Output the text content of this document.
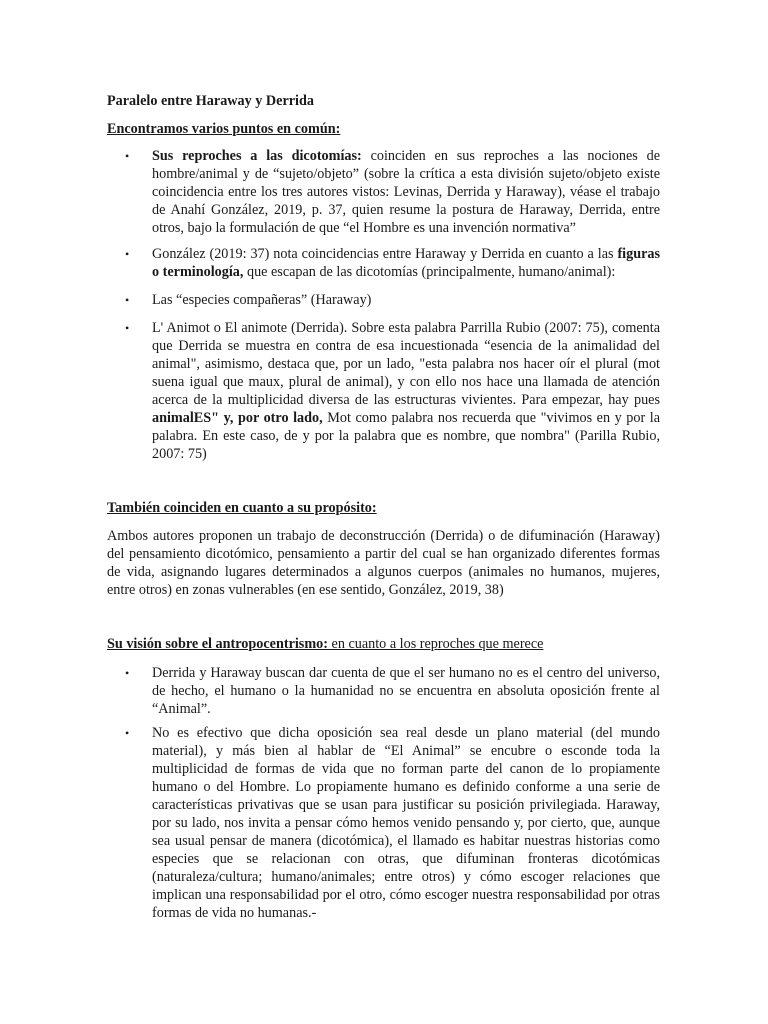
Paralelo entre Haraway y Derrida
Encontramos varios puntos en común:
•	Sus reproches a las dicotomías: coinciden en sus reproches a las nociones de hombre/animal y de “sujeto/objeto” (sobre la crítica a esta división sujeto/objeto existe coincidencia entre los tres autores vistos: Levinas, Derrida y Haraway), véase el trabajo de Anahí González, 2019, p. 37, quien resume la postura de Haraway, Derrida, entre otros, bajo la formulación de que “el Hombre es una invención normativa”
•	González (2019: 37) nota coincidencias entre Haraway y Derrida en cuanto a las figuras o terminología, que escapan de las dicotomías (principalmente, humano/animal):
•	Las “especies compañeras” (Haraway)
•	L' Animot o El animote (Derrida). Sobre esta palabra Parrilla Rubio (2007: 75), comenta que Derrida se muestra en contra de esa incuestionada “esencia de la animalidad del animal", asimismo, destaca que, por un lado, "esta palabra nos hacer oír el plural (mot suena igual que maux, plural de animal), y con ello nos hace una llamada de atención acerca de la multiplicidad diversa de las estructuras vivientes. Para empezar, hay pues animalES" y, por otro lado, Mot como palabra nos recuerda que "vivimos en y por la palabra. En este caso, de y por la palabra que es nombre, que nombra" (Parilla Rubio, 2007: 75)
También coinciden en cuanto a su propósito:
Ambos autores proponen un trabajo de deconstrucción (Derrida) o de difuminación (Haraway) del pensamiento dicotómico, pensamiento a partir del cual se han organizado diferentes formas de vida, asignando lugares determinados a algunos cuerpos (animales no humanos, mujeres, entre otros) en zonas vulnerables (en ese sentido, González, 2019, 38)
Su visión sobre el antropocentrismo: en cuanto a los reproches que merece
•	Derrida y Haraway buscan dar cuenta de que el ser humano no es el centro del universo, de hecho, el humano o la humanidad no se encuentra en absoluta oposición frente al “Animal”.
•	No es efectivo que dicha oposición sea real desde un plano material (del mundo material), y más bien al hablar de “El Animal” se encubre o esconde toda la multiplicidad de formas de vida que no forman parte del canon de lo propiamente humano o del Hombre. Lo propiamente humano es definido conforme a una serie de características privativas que se usan para justificar su posición privilegiada. Haraway, por su lado, nos invita a pensar cómo hemos venido pensando y, por cierto, que, aunque sea usual pensar de manera (dicotómica), el llamado es habitar nuestras historias como especies que se relacionan con otras, que difuminan fronteras dicotómicas (naturaleza/cultura; humano/animales; entre otros) y cómo escoger relaciones que implican una responsabilidad por el otro, cómo escoger nuestra responsabilidad por otras formas de vida no humanas.-
